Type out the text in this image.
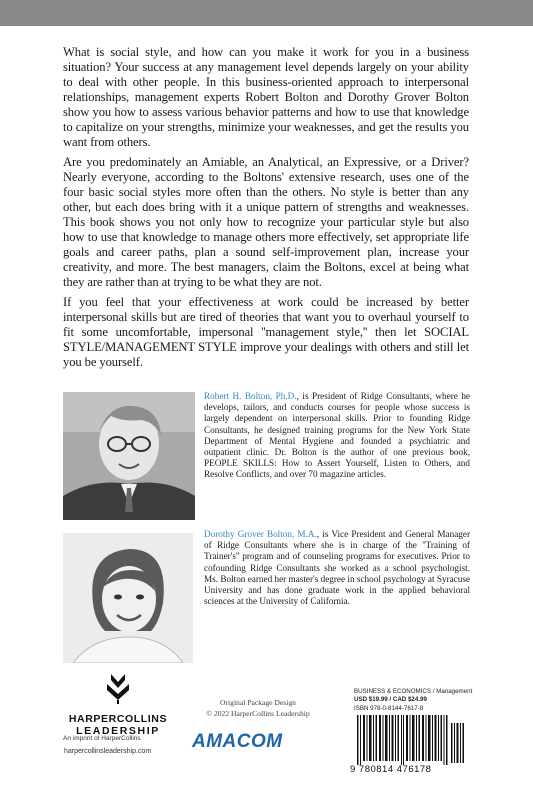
What is social style, and how can you make it work for you in a business situation? Your success at any management level depends largely on your ability to deal with other people. In this business-oriented approach to interpersonal relationships, management experts Robert Bolton and Dorothy Grover Bolton show you how to assess various behavior patterns and how to use that knowledge to capitalize on your strengths, minimize your weaknesses, and get the results you want from others.

Are you predominately an Amiable, an Analytical, an Expressive, or a Driver? Nearly everyone, according to the Boltons' extensive research, uses one of the four basic social styles more often than the others. No style is better than any other, but each does bring with it a unique pattern of strengths and weaknesses. This book shows you not only how to recognize your particular style but also how to use that knowledge to manage others more effectively, set appropriate life goals and career paths, plan a sound self-improvement plan, increase your creativity, and more. The best managers, claim the Boltons, excel at being what they are rather than at trying to be what they are not.

If you feel that your effectiveness at work could be increased by better interpersonal skills but are tired of theories that want you to overhaul yourself to fit some uncomfortable, impersonal ''management style,'' then let SOCIAL STYLE/MANAGEMENT STYLE improve your dealings with others and still let you be yourself.

Robert H. Bolton, Ph.D., is President of Ridge Consultants, where he develops, tailors, and conducts courses for people whose success is largely dependent on interpersonal skills. Prior to founding Ridge Consultants, he designed training programs for the New York State Department of Mental Hygiene and founded a psychiatric and outpatient clinic. Dr. Bolton is the author of one previous book, PEOPLE SKILLS: How to Assert Yourself, Listen to Others, and Resolve Conflicts, and over 70 magazine articles.
Dorothy Grover Bolton, M.A., is Vice President and General Manager of Ridge Consultants where she is in charge of the ''Training of Trainer's'' program and of counseling programs for executives. Prior to cofounding Ridge Consultants she worked as a school psychologist. Ms. Bolton earned her master's degree in school psychology at Syracuse University and has done graduate work in the applied behavioral sciences at the University of California.
HARPERCOLLINS
LEADERSHIP
An imprint of HarperCollins
harpercollinsleadership.com
Original Package Design
© 2022 HarperCollins Leadership
AMACOM
BUSINESS & ECONOMICS / Management
USD $19.99 / CAD $24.99
ISBN 978-0-8144-7617-8
9 780814 476178
